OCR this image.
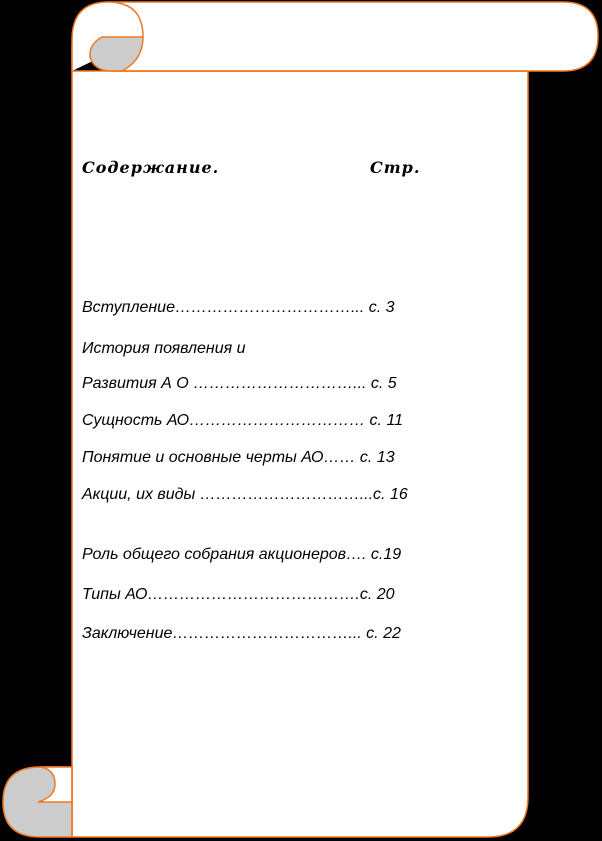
Содержание.	Стр.
Вступление……………………………... с. 3
История появления и
Развития А О …………………………... с. 5
Сущность АО…………………………… с. 11
Понятие и основные черты АО…… с. 13
Акции, их виды …………………………...с. 16
Роль общего собрания акционеров…. с.19
Типы АО………………………………….с. 20
Заключение……………………………... с. 22
